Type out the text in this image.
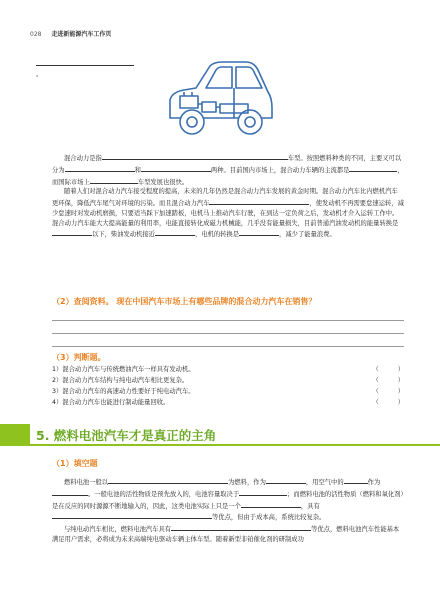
028 走进新能源汽车工作页
。

混合动力是指	车型。按照燃料种类的不同，主要又可以分为	和	两种。目前国内市场上，混合动力车辆的主流都是	，而国际市场上	车型发展也很快。

随着人们对混合动力汽车接受程度的提高，未来的几年仍然是混合动力汽车发展的黄金时期。混合动力汽车比内燃机汽车更环保，降低汽车尾气对环境的污染。而且混合动力汽车	，使发动机不再需要怠速运转，减少怠速时对发动机磨损，只要适当踩下加速踏板，电机马上推动汽车行驶，在到达一定负荷之后，发动机才介入运转工作中。混合动力汽车能大大提高能量的利用率，电能直接转化成磁力机械能，几乎没有能量损失，目前普通汽油发动机的能量转换是以下，柴油发动机接近	，电机的转换是	，减少了能量浪费。

（2）查阅资料。 现在中国汽车市场上有哪些品牌的混合动力汽车在销售？
（3）判断题。
1）混合动力汽车与传统燃油汽车一样具有发动机。	（　　　）
2）混合动力汽车结构与纯电动汽车相比更复杂。	（　　　）
3）混合动力汽车的高速动力性要好于纯电动汽车。	（　　　）
4）混合动力汽车也能进行制动能量回收。	（　　　）
5. 燃料电池汽车才是真正的主角
（1）填空题

燃料电池一般以	为燃料，作为	，用空气中的	作为。一般电池的活性物质是预先放入的，电池容量取决于	；而燃料电池的活性物质（燃料和氧化剂）是在反应的同时源源不断地输入的，因此，这类电池实际上只是一个	，具有等优点，但由于成本高，系统比较复杂。

与纯电动汽车相比，燃料电池汽车具有	等优点，燃料电池汽车性能基本满足用户需求，必将成为未来高端纯电驱动车辆主体车型。随着新型非铂催化剂的研制成功
